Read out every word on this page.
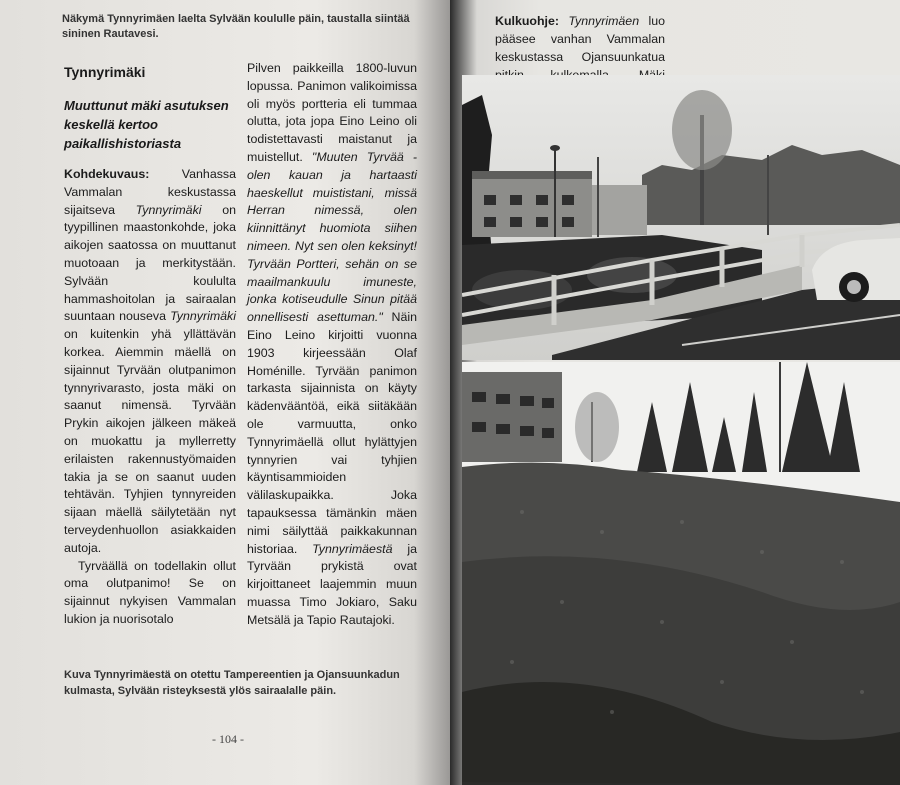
Näkymä Tynnyrimäen laelta Sylvään koululle päin, taustalla siintää sininen Rautavesi.
Tynnyrimäki
Muuttunut mäki asutuksen keskellä kertoo paikallishistoriasta

Kohdekuvaus: Vanhassa Vammalan keskustassa sijaitseva Tynnyrimäki on tyypillinen maastonkohde, joka aikojen saatossa on muuttanut muotoaan ja merkitystään. Sylvään koululta hammashoitolan ja sairaalan suuntaan nouseva Tynnyrimäki on kuitenkin yhä yllättävän korkea. Aiemmin mäellä on sijainnut Tyrvään olutpanimon tynnyrivarasto, josta mäki on saanut nimensä. Tyrvään Prykin aikojen jälkeen mäkeä on muokattu ja myllerretty erilaisten rakennustyömaiden takia ja se on saanut uuden tehtävän. Tyhjien tynnyreiden sijaan mäellä säilytetään nyt terveydenhuollon asiakkaiden autoja.

Tyrväällä on todellakin ollut oma olutpanimo! Se on sijainnut nykyisen Vammalan lukion ja nuorisotalo

Pilven paikkeilla 1800-luvun lopussa. Panimon valikoimissa oli myös portteria eli tummaa olutta, jota jopa Eino Leino oli todistettavasti maistanut ja muistellut. "Muuten Tyrvää - olen kauan ja hartaasti haeskellut muististani, missä Herran nimessä, olen kiinnittänyt huomiota siihen nimeen. Nyt sen olen keksinyt! Tyrvään Portteri, sehän on se maailmankuulu imuneste, jonka kotiseudulle Sinun pitää onnellisesti asettuman." Näin Eino Leino kirjoitti vuonna 1903 kirjeessään Olaf Homénille. Tyrvään panimon tarkasta sijainnista on käyty kädenvääntöä, eikä siitäkään ole varmuutta, onko Tynnyrimäellä ollut hylättyjen tynnyrien vai tyhjien käyntisammioiden välilaskupaikka. Joka tapauksessa tämänkin mäen nimi säilyttää paikkakunnan historiaa. Tynnyrimäestä ja Tyrvään prykistä ovat kirjoittaneet laajemmin muun muassa Timo Jokiaro, Saku Metsälä ja Tapio Rautajoki.

Kuva Tynnyrimäestä on otettu Tampereentien ja Ojansuunkadun kulmasta, Sylvään risteyksestä ylös sairaalalle päin.
- 104 -
Kulkuohje: Tynnyrimäen luo pääsee vanhan Vammalan keskustassa Ojansuunkatua
